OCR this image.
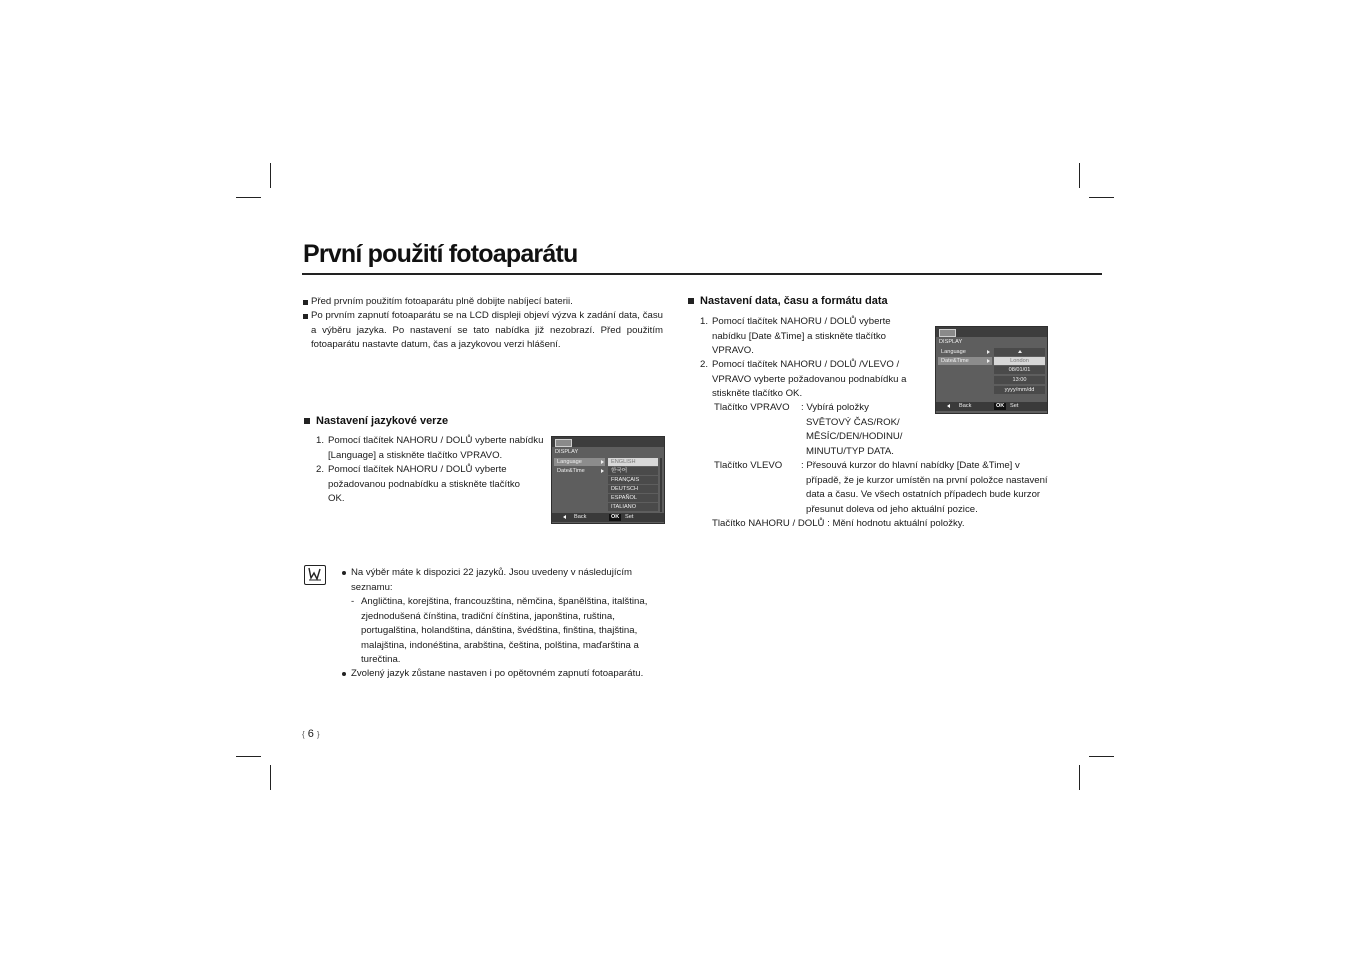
První použití fotoaparátu
Před prvním použitím fotoaparátu plně dobijte nabíjecí baterii.
Po prvním zapnutí fotoaparátu se na LCD displeji objeví výzva k zadání data, času a výběru jazyka. Po nastavení se tato nabídka již nezobrazí. Před použitím fotoaparátu nastavte datum, čas a jazykovou verzi hlášení.
Nastavení jazykové verze
1. Pomocí tlačítek NAHORU / DOLŮ vyberte nabídku [Language] a stiskněte tlačítko VPRAVO.
2. Pomocí tlačítek NAHORU / DOLŮ vyberte požadovanou podnabídku a stiskněte tlačítko OK.
DISPLAY
Language
Date&Time
ENGLISH
한국어
FRANÇAIS
DEUTSCH
ESPAÑOL
ITALIANO
Back	OK	Set
Na výběr máte k dispozici 22 jazyků. Jsou uvedeny v následujícím seznamu:
- Angličtina, korejština, francouzština, němčina, španělština, italština, zjednodušená čínština, tradiční čínština, japonština, ruština, portugalština, holandština, dánština, švédština, finština, thajština, malajština, indonéština, arabština, čeština, polština, maďarština a turečtina.
Zvolený jazyk zůstane nastaven i po opětovném zapnutí fotoaparátu.
{ 6 }
Nastavení data, času a formátu data
1. Pomocí tlačítek NAHORU / DOLŮ vyberte nabídku [Date &Time] a stiskněte tlačítko VPRAVO.
2. Pomocí tlačítek NAHORU / DOLŮ /VLEVO / VPRAVO vyberte požadovanou podnabídku a stiskněte tlačítko OK.
Tlačítko VPRAVO : Vybírá položky SVĚTOVÝ ČAS/ROK/ MĚSÍC/DEN/HODINU/ MINUTU/TYP DATA.
Tlačítko VLEVO : Přesouvá kurzor do hlavní nabídky [Date &Time] v případě, že je kurzor umístěn na první položce nastavení data a času. Ve všech ostatních případech bude kurzor přesunut doleva od jeho aktuální pozice.
Tlačítko NAHORU / DOLŮ : Mění hodnotu aktuální položky.
DISPLAY
Language
Date&Time	London
08/01/01
13:00
yyyy/mm/dd
Back	OK	Set
